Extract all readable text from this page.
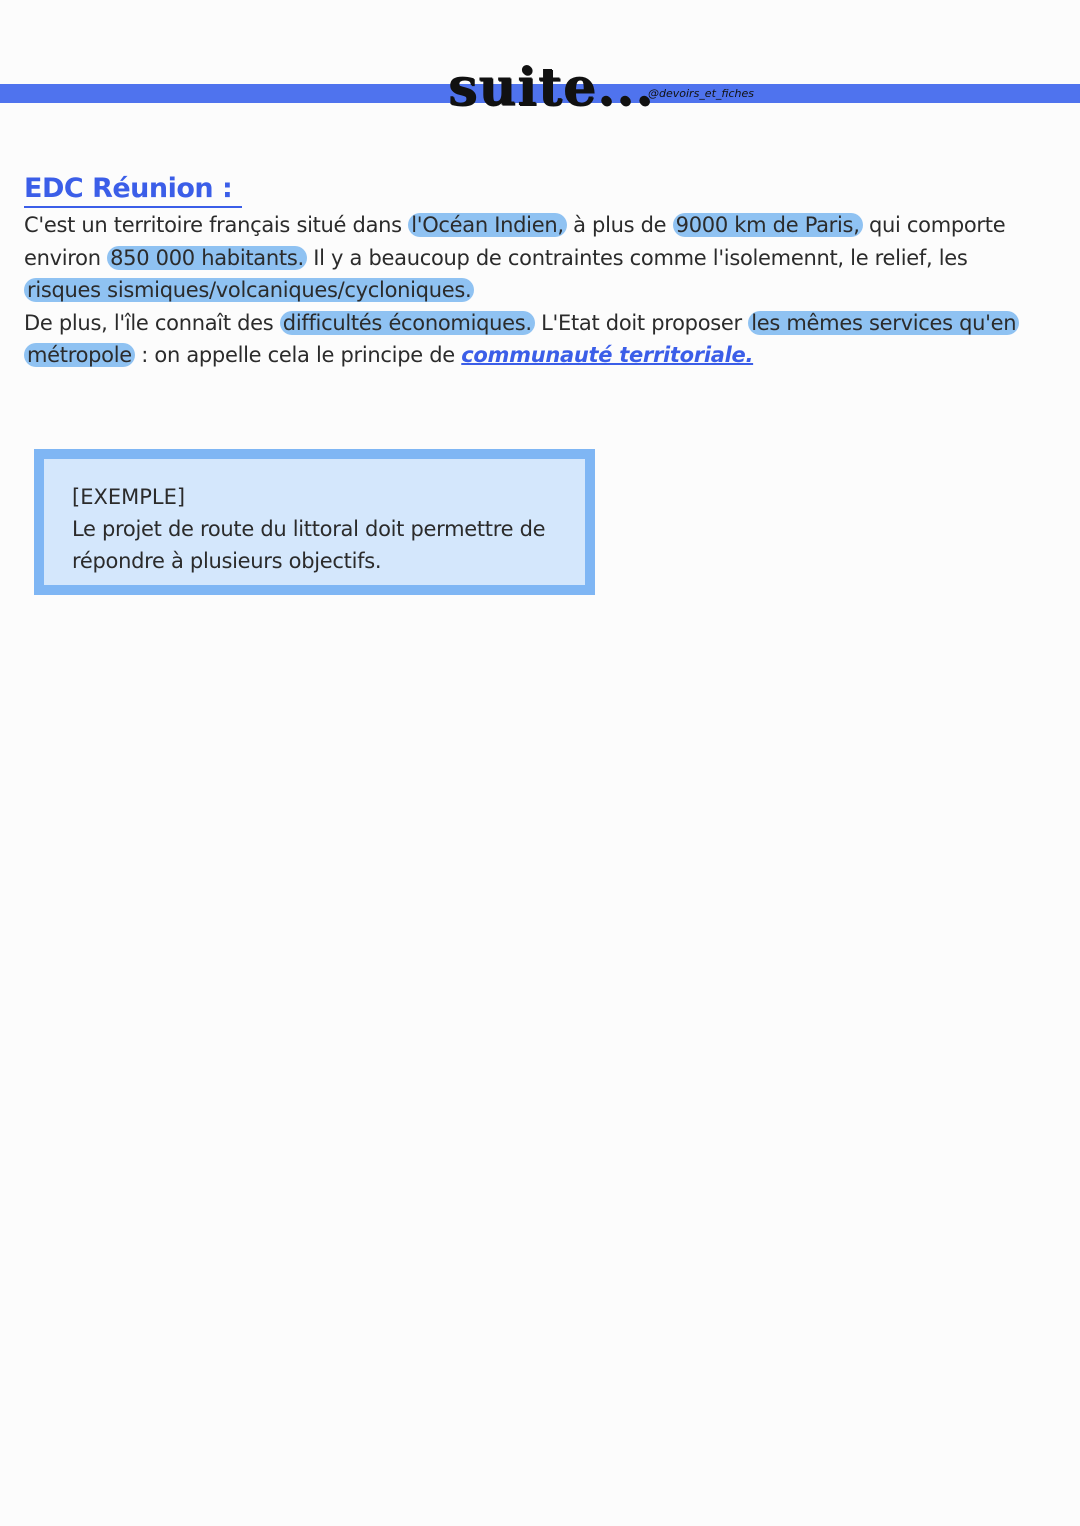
suite...
@devoirs_et_fiches
EDC Réunion :
C'est un territoire français situé dans l'Océan Indien, à plus de 9000 km de Paris, qui comporte
environ 850 000 habitants. Il y a beaucoup de contraintes comme l'isolemennt, le relief, les
risques sismiques/volcaniques/cycloniques.
De plus, l'île connaît des difficultés économiques. L'Etat doit proposer les mêmes services qu'en
métropole : on appelle cela le principe de communauté territoriale.
[EXEMPLE]
Le projet de route du littoral doit permettre de répondre à plusieurs objectifs.
